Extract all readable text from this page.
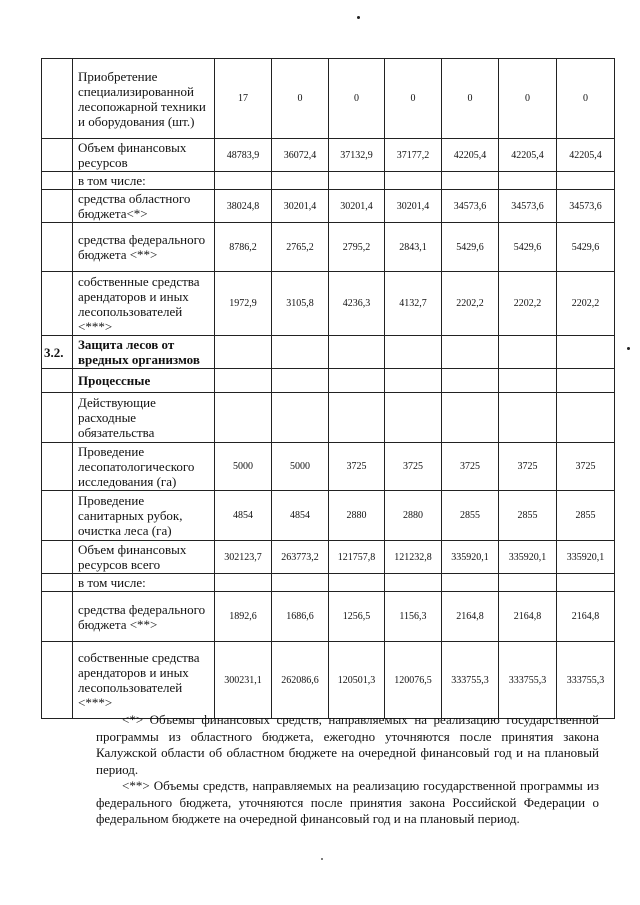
	Приобретение специализированной лесопожарной техники и оборудования (шт.)	17	0	0	0	0	0	0
	Объем финансовых ресурсов	48783,9	36072,4	37132,9	37177,2	42205,4	42205,4	42205,4
	в том числе:							
	средства областного бюджета<*>	38024,8	30201,4	30201,4	30201,4	34573,6	34573,6	34573,6
	средства федерального бюджета <**>	8786,2	2765,2	2795,2	2843,1	5429,6	5429,6	5429,6
	собственные средства арендаторов и иных лесопользователей <***>	1972,9	3105,8	4236,3	4132,7	2202,2	2202,2	2202,2
3.2.	Защита лесов от вредных организмов							
	Процессные							
	Действующие расходные обязательства							
	Проведение лесопатологического исследования (га)	5000	5000	3725	3725	3725	3725	3725
	Проведение санитарных рубок, очистка леса (га)	4854	4854	2880	2880	2855	2855	2855
	Объем финансовых ресурсов всего	302123,7	263773,2	121757,8	121232,8	335920,1	335920,1	335920,1
	в том числе:							
	средства федерального бюджета <**>	1892,6	1686,6	1256,5	1156,3	2164,8	2164,8	2164,8
	собственные средства арендаторов и иных лесопользователей <***>	300231,1	262086,6	120501,3	120076,5	333755,3	333755,3	333755,3

<*> Объемы финансовых средств, направляемых на реализацию государственной программы из областного бюджета, ежегодно уточняются после принятия закона Калужской области об областном бюджете на очередной финансовый год и на плановый период.

<**> Объемы средств, направляемых на реализацию государственной программы из федерального бюджета, уточняются после принятия закона Российской Федерации о федеральном бюджете на очередной финансовый год и на плановый период.
